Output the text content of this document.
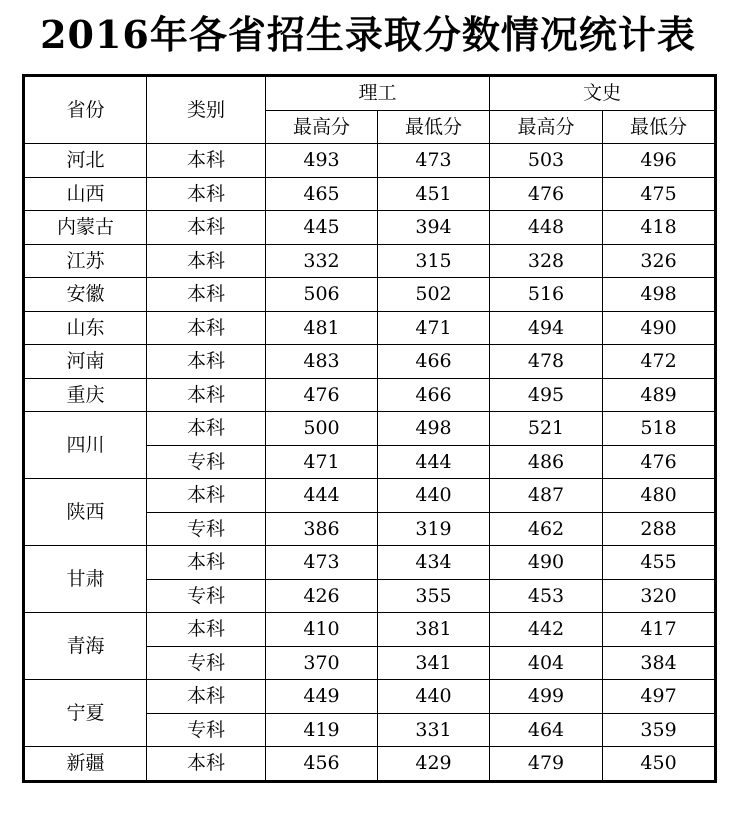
2016年各省招生录取分数情况统计表
省份	类别	理工		文史	
		最高分	最低分	最高分	最低分
河北	本科	493	473	503	496
山西	本科	465	451	476	475
内蒙古	本科	445	394	448	418
江苏	本科	332	315	328	326
安徽	本科	506	502	516	498
山东	本科	481	471	494	490
河南	本科	483	466	478	472
重庆	本科	476	466	495	489
四川	本科	500	498	521	518
	专科	471	444	486	476
陕西	本科	444	440	487	480
	专科	386	319	462	288
甘肃	本科	473	434	490	455
	专科	426	355	453	320
青海	本科	410	381	442	417
	专科	370	341	404	384
宁夏	本科	449	440	499	497
	专科	419	331	464	359
新疆	本科	456	429	479	450
